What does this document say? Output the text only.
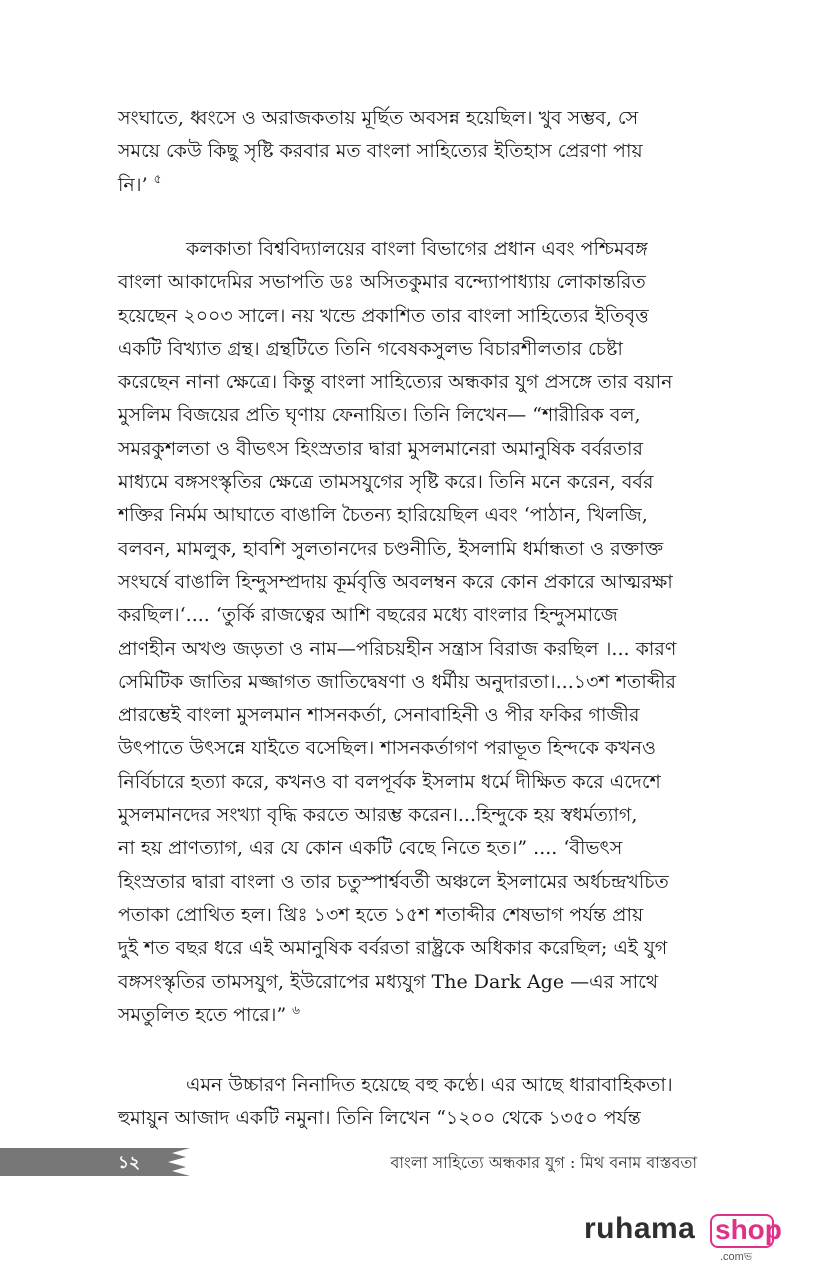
সংঘাতে, ধ্বংসে ও অরাজকতায় মূর্ছিত অবসন্ন হয়েছিল। খুব সম্ভব, সে
সময়ে কেউ কিছু সৃষ্টি করবার মত বাংলা সাহিত্যের ইতিহাস প্রেরণা পায়
নি।’ $^৫$

কলকাতা বিশ্ববিদ্যালয়ের বাংলা বিভাগের প্রধান এবং পশ্চিমবঙ্গ
বাংলা আকাদেমির সভাপতি ডঃ অসিতকুমার বন্দ্যোপাধ্যায় লোকান্তরিত
হয়েছেন ২০০৩ সালে। নয় খন্ডে প্রকাশিত তার বাংলা সাহিত্যের ইতিবৃত্ত
একটি বিখ্যাত গ্রন্থ। গ্রন্থটিতে তিনি গবেষকসুলভ বিচারশীলতার চেষ্টা
করেছেন নানা ক্ষেত্রে। কিন্তু বাংলা সাহিত্যের অন্ধকার যুগ প্রসঙ্গে তার বয়ান
মুসলিম বিজয়ের প্রতি ঘৃণায় ফেনায়িত। তিনি লিখেন— “শারীরিক বল,
সমরকুশলতা ও বীভৎস হিংস্রতার দ্বারা মুসলমানেরা অমানুষিক বর্বরতার
মাধ্যমে বঙ্গসংস্কৃতির ক্ষেত্রে তামসযুগের সৃষ্টি করে। তিনি মনে করেন, বর্বর
শক্তির নির্মম আঘাতে বাঙালি চৈতন্য হারিয়েছিল এবং ‘পাঠান, খিলজি,
বলবন, মামলুক, হাবশি সুলতানদের চণ্ডনীতি, ইসলামি ধর্মান্ধতা ও রক্তাক্ত
সংঘর্ষে বাঙালি হিন্দুসম্প্রদায় কূর্মবৃত্তি অবলম্বন করে কোন প্রকারে আত্মরক্ষা
করছিল।‘.... ‘তুর্কি রাজত্বের আশি বছরের মধ্যে বাংলার হিন্দুসমাজে
প্রাণহীন অখণ্ড জড়তা ও নাম—পরিচয়হীন সন্ত্রাস বিরাজ করছিল ।... কারণ
সেমিটিক জাতির মজ্জাগত জাতিদ্বেষণা ও ধর্মীয় অনুদারতা।...১৩শ শতাব্দীর
প্রারম্ভেই বাংলা মুসলমান শাসনকর্তা, সেনাবাহিনী ও পীর ফকির গাজীর
উৎপাতে উৎসন্নে যাইতে বসেছিল। শাসনকর্তাগণ পরাভূত হিন্দকে কখনও
নির্বিচারে হত্যা করে, কখনও বা বলপূর্বক ইসলাম ধর্মে দীক্ষিত করে এদেশে
মুসলমানদের সংখ্যা বৃদ্ধি করতে আরম্ভ করেন।...হিন্দুকে হয় স্বধর্মত্যাগ,
না হয় প্রাণত্যাগ, এর যে কোন একটি বেছে নিতে হত।” .... ‘বীভৎস
হিংস্রতার দ্বারা বাংলা ও তার চতুস্পার্শ্ববর্তী অঞ্চলে ইসলামের অর্ধচন্দ্রখচিত
পতাকা প্রোথিত হল। খ্রিঃ ১৩শ হতে ১৫শ শতাব্দীর শেষভাগ পর্যন্ত প্রায়
দুই শত বছর ধরে এই অমানুষিক বর্বরতা রাষ্ট্রকে অধিকার করেছিল; এই যুগ
বঙ্গসংস্কৃতির তামসযুগ, ইউরোপের মধ্যযুগ The Dark Age —এর সাথে
সমতুলিত হতে পারে।” $^৬$

এমন উচ্চারণ নিনাদিত হয়েছে বহু কণ্ঠে। এর আছে ধারাবাহিকতা।
হুমায়ুন আজাদ একটি নমুনা। তিনি লিখেন “১২০০ থেকে ১৩৫০ পর্যন্ত

১২	বাংলা সাহিত্যে অন্ধকার যুগ : মিথ বনাম বাস্তবতা
ruhama shop
.comভ
